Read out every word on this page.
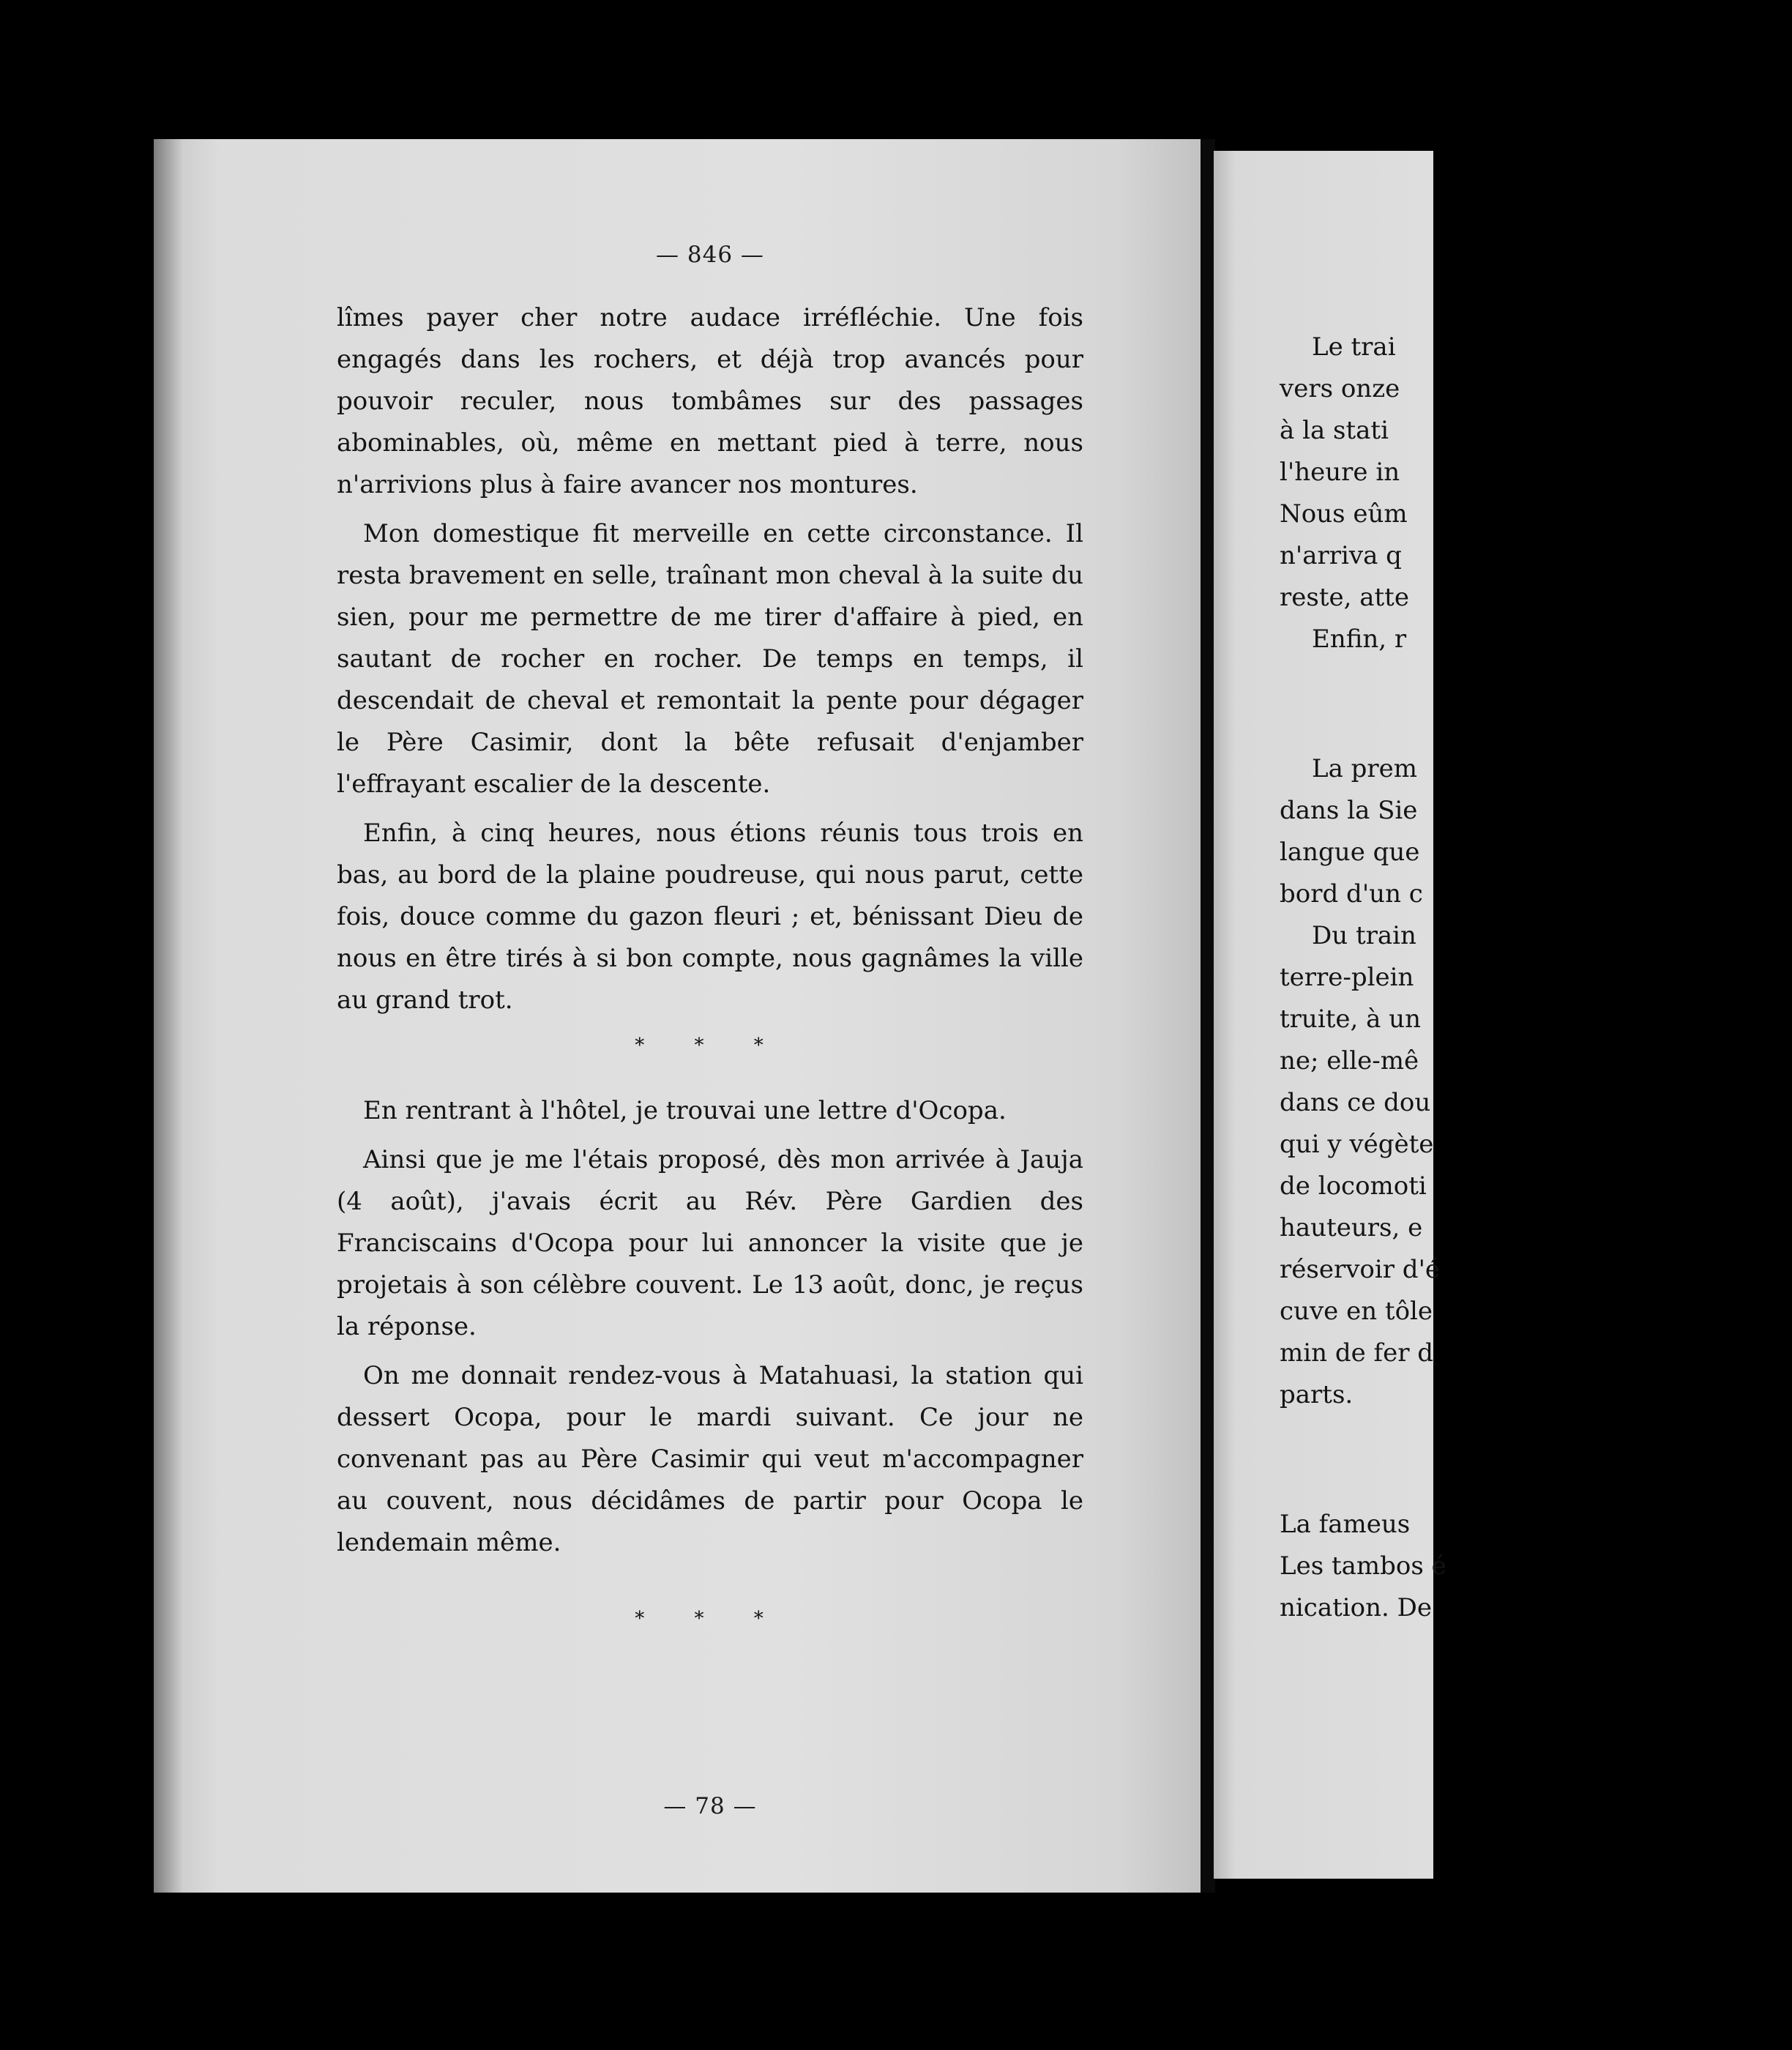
— 846 —

lîmes payer cher notre audace irréfléchie. Une fois engagés dans les rochers, et déjà trop avancés pour pouvoir reculer, nous tombâmes sur des passages abominables, où, même en mettant pied à terre, nous n'arrivions plus à faire avancer nos montures.

Mon domestique fit merveille en cette circonstance. Il resta bravement en selle, traînant mon cheval à la suite du sien, pour me permettre de me tirer d'affaire à pied, en sautant de rocher en rocher. De temps en temps, il descendait de cheval et remontait la pente pour dégager le Père Casimir, dont la bête refusait d'enjamber l'effrayant escalier de la descente.

Enfin, à cinq heures, nous étions réunis tous trois en bas, au bord de la plaine poudreuse, qui nous parut, cette fois, douce comme du gazon fleuri ; et, bénissant Dieu de nous en être tirés à si bon compte, nous gagnâmes la ville au grand trot.

* * *

En rentrant à l'hôtel, je trouvai une lettre d'Ocopa.

Ainsi que je me l'étais proposé, dès mon arrivée à Jauja (4 août), j'avais écrit au Rév. Père Gardien des Franciscains d'Ocopa pour lui annoncer la visite que je projetais à son célèbre couvent. Le 13 août, donc, je reçus la réponse.

On me donnait rendez-vous à Matahuasi, la station qui dessert Ocopa, pour le mardi suivant. Ce jour ne convenant pas au Père Casimir qui veut m'accompagner au couvent, nous décidâmes de partir pour Ocopa le lendemain même.

* * *
— 78 —

Le trai

vers onze

à la stati

l'heure in

Nous eûm

n'arriva q

reste, atte

Enfin, r

La prem

dans la Sie

langue que

bord d'un c

Du train

terre-plein

truite, à un

ne; elle-mê

dans ce dou

qui y végète

de locomoti

hauteurs, e

réservoir d'é

cuve en tôle

min de fer d

parts.

La fameus

Les tambos é

nication. De
